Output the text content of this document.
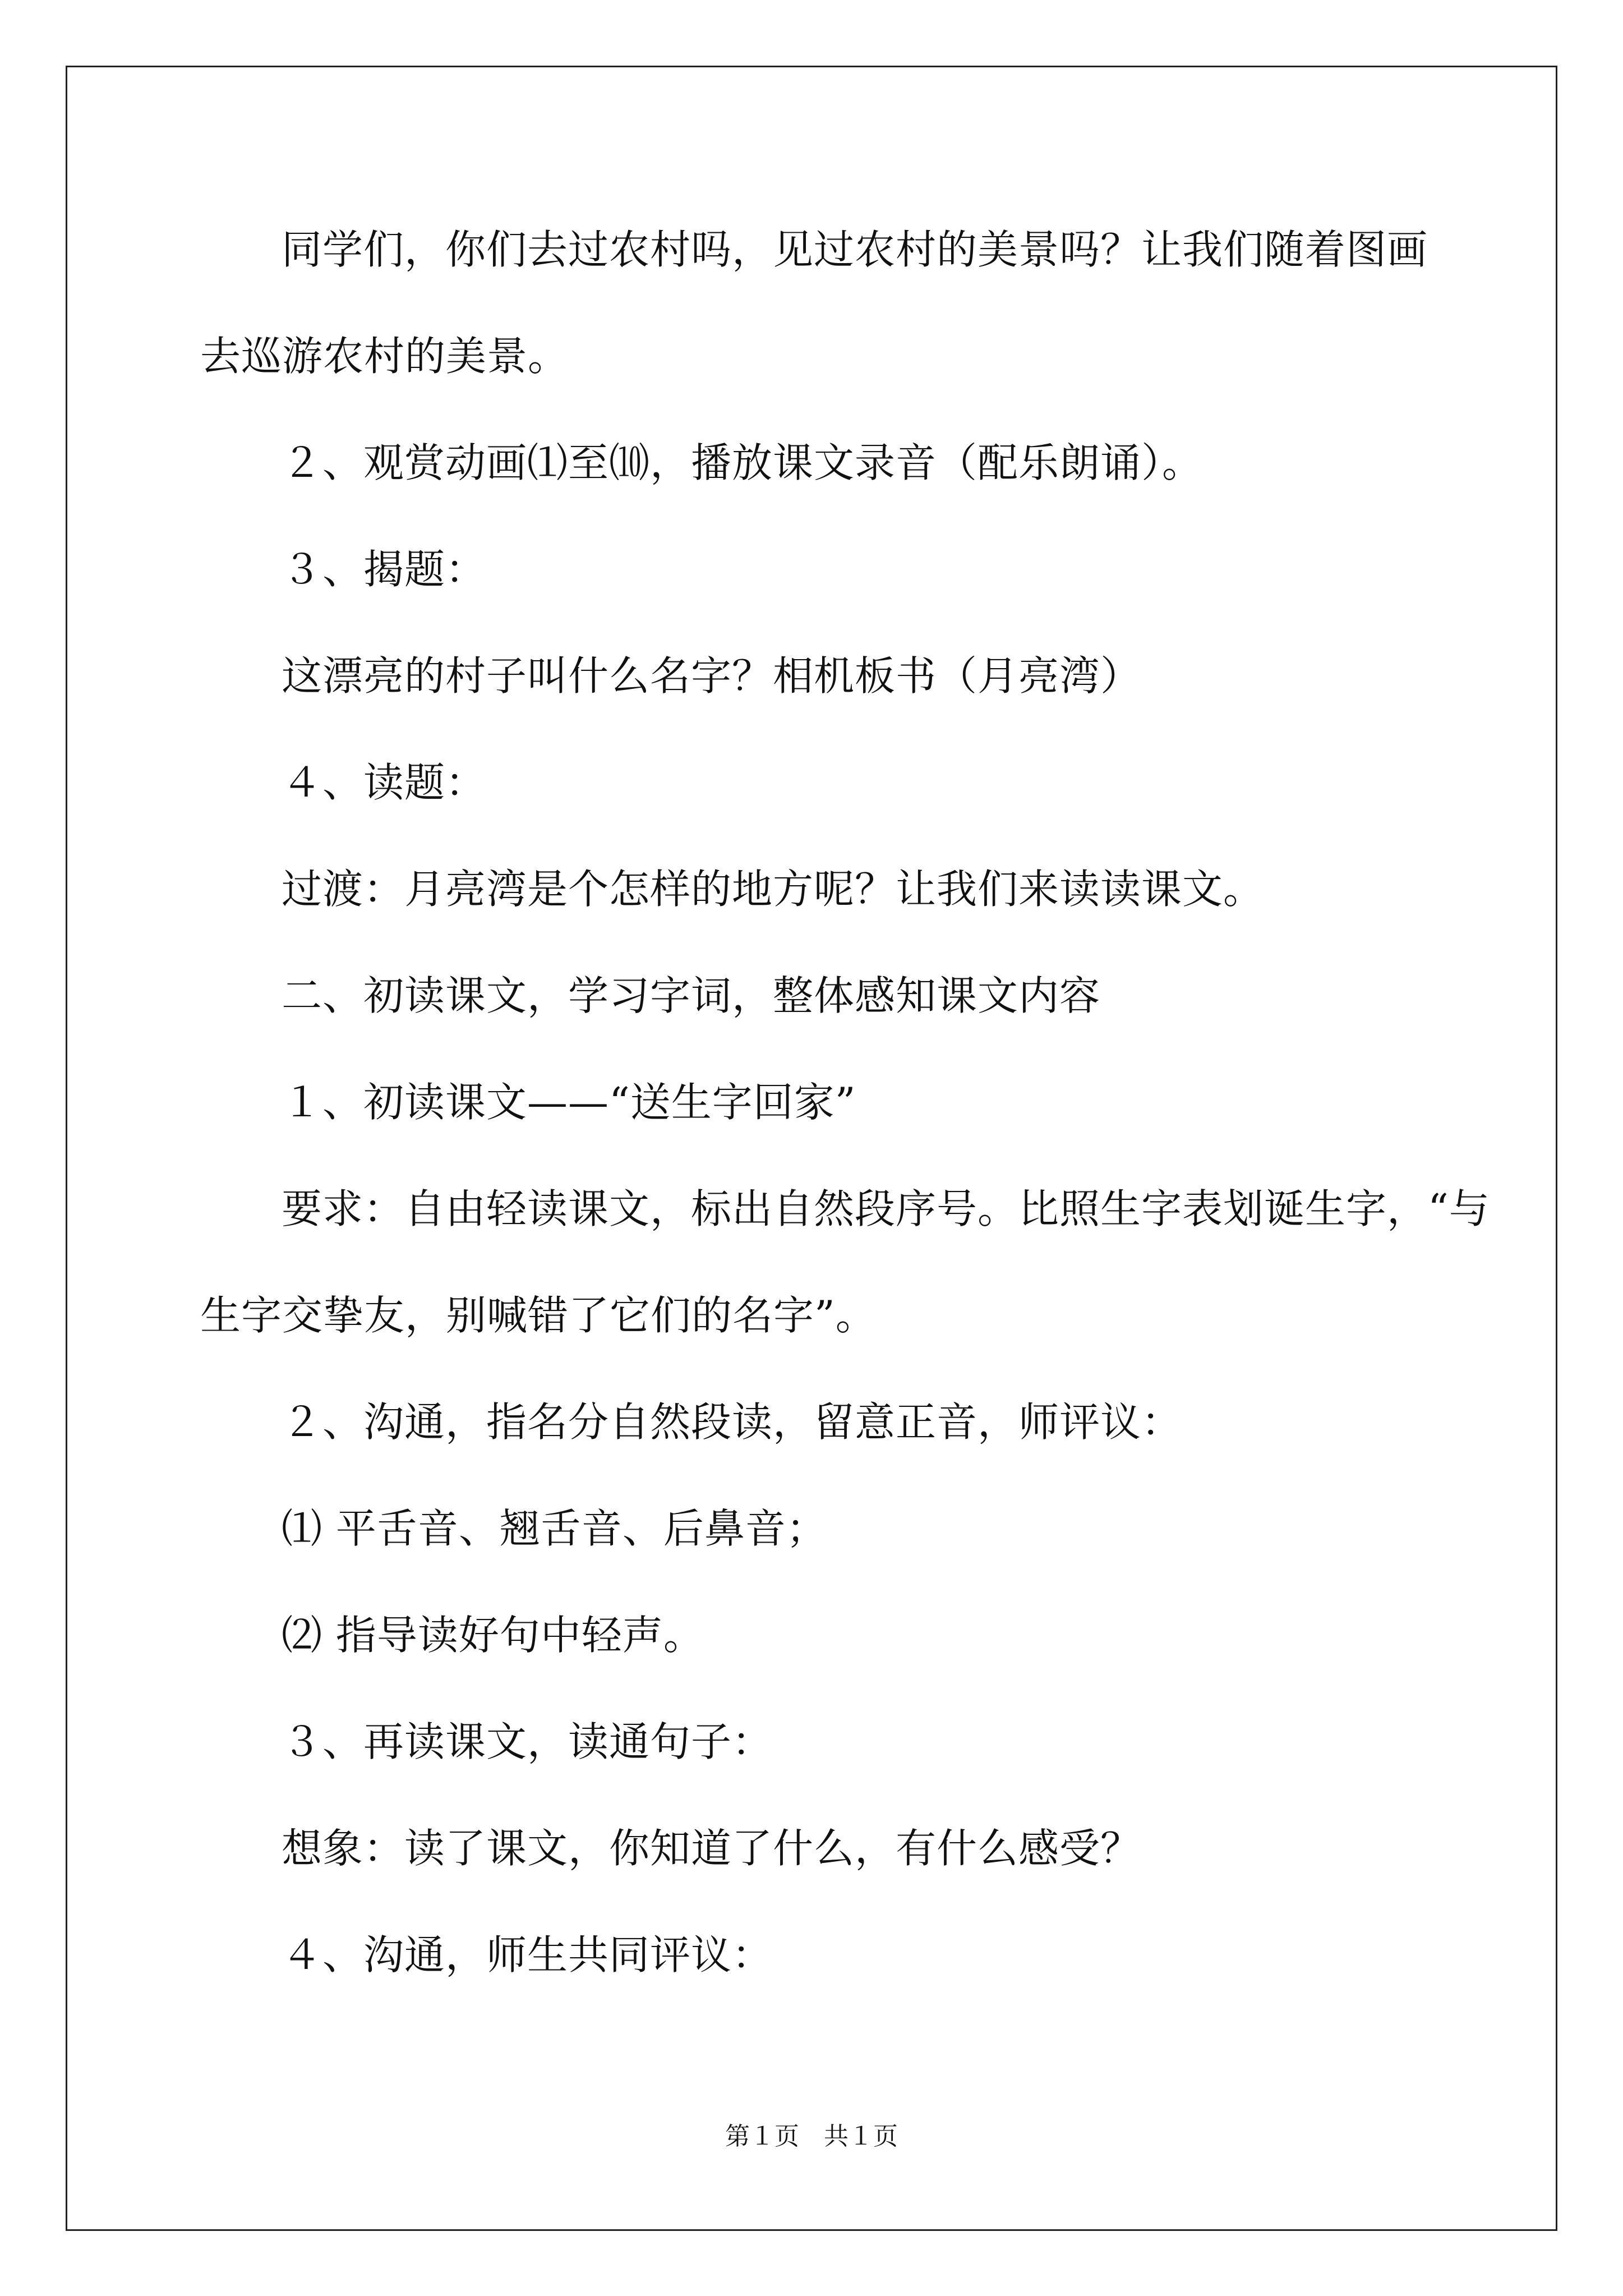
同学们，你们去过农村吗，见过农村的美景吗？让我们随着图画
去巡游农村的美景。
２、观赏动画⑴至⑽，播放课文录音（配乐朗诵）。
３、揭题：
这漂亮的村子叫什么名字？相机板书（月亮湾）
４、读题：
过渡：月亮湾是个怎样的地方呢？让我们来读读课文。
二、初读课文，学习字词，整体感知课文内容
１、初读课文——“送生字回家”
要求：自由轻读课文，标出自然段序号。比照生字表划诞生字，“与
生字交挚友，别喊错了它们的名字”。
２、沟通，指名分自然段读，留意正音，师评议：
⑴ 平舌音、翘舌音、后鼻音；
⑵ 指导读好句中轻声。
３、再读课文，读通句子：
想象：读了课文，你知道了什么，有什么感受？
４、沟通，师生共同评议：
第１页　共１页
